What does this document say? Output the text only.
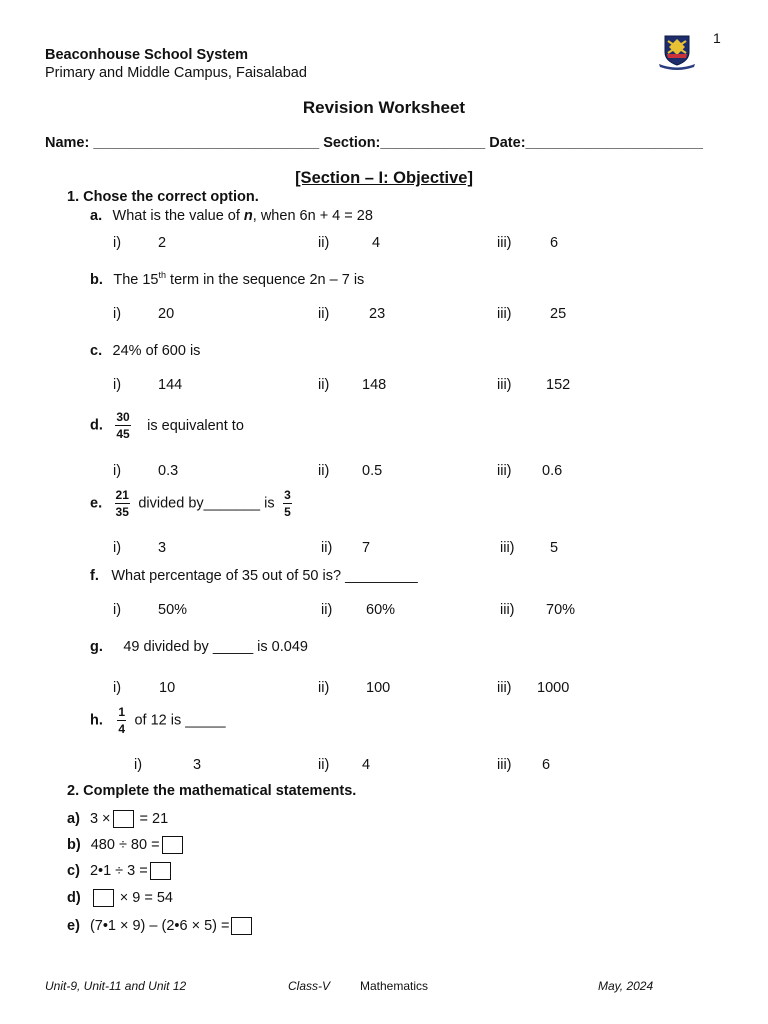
Beaconhouse School System
Primary and Middle Campus, Faisalabad
1
Revision Worksheet
Name: ____________________________ Section:_____________ Date:______________________
[Section – I: Objective]
1. Chose the correct option.
a. What is the value of n, when 6n + 4 = 28
i)	2	ii)	4	iii)	6
b. The 15th term in the sequence 2n – 7 is
i)	20	ii)	23	iii)	25
c. 24% of 600 is
i)	144	ii) 148	iii) 152
d. $\frac{30}{45}$ is equivalent to
i)	0.3	ii) 0.5	iii) 0.6
e. $\frac{21}{35}$ divided by_______ is $\frac{3}{5}$
i)	3	ii) 7	iii) 5
f. What percentage of 35 out of 50 is? _________
i)	50%	ii) 60%	iii) 70%
g. 49 divided by _____ is 0.049
i)	10	ii)	100	iii) 1000
h. $\frac{1}{4}$ of 12 is _____
i)	3	ii) 4	iii) 6
2. Complete the mathematical statements.
a) 3 × = 21
b) 480 ÷ 80 =
c) 2•1 ÷ 3 =
d)  × 9 = 54
e) (7•1 × 9) – (2•6 × 5) =
Unit-9, Unit-11 and Unit 12	Class-V Mathematics	May, 2024
